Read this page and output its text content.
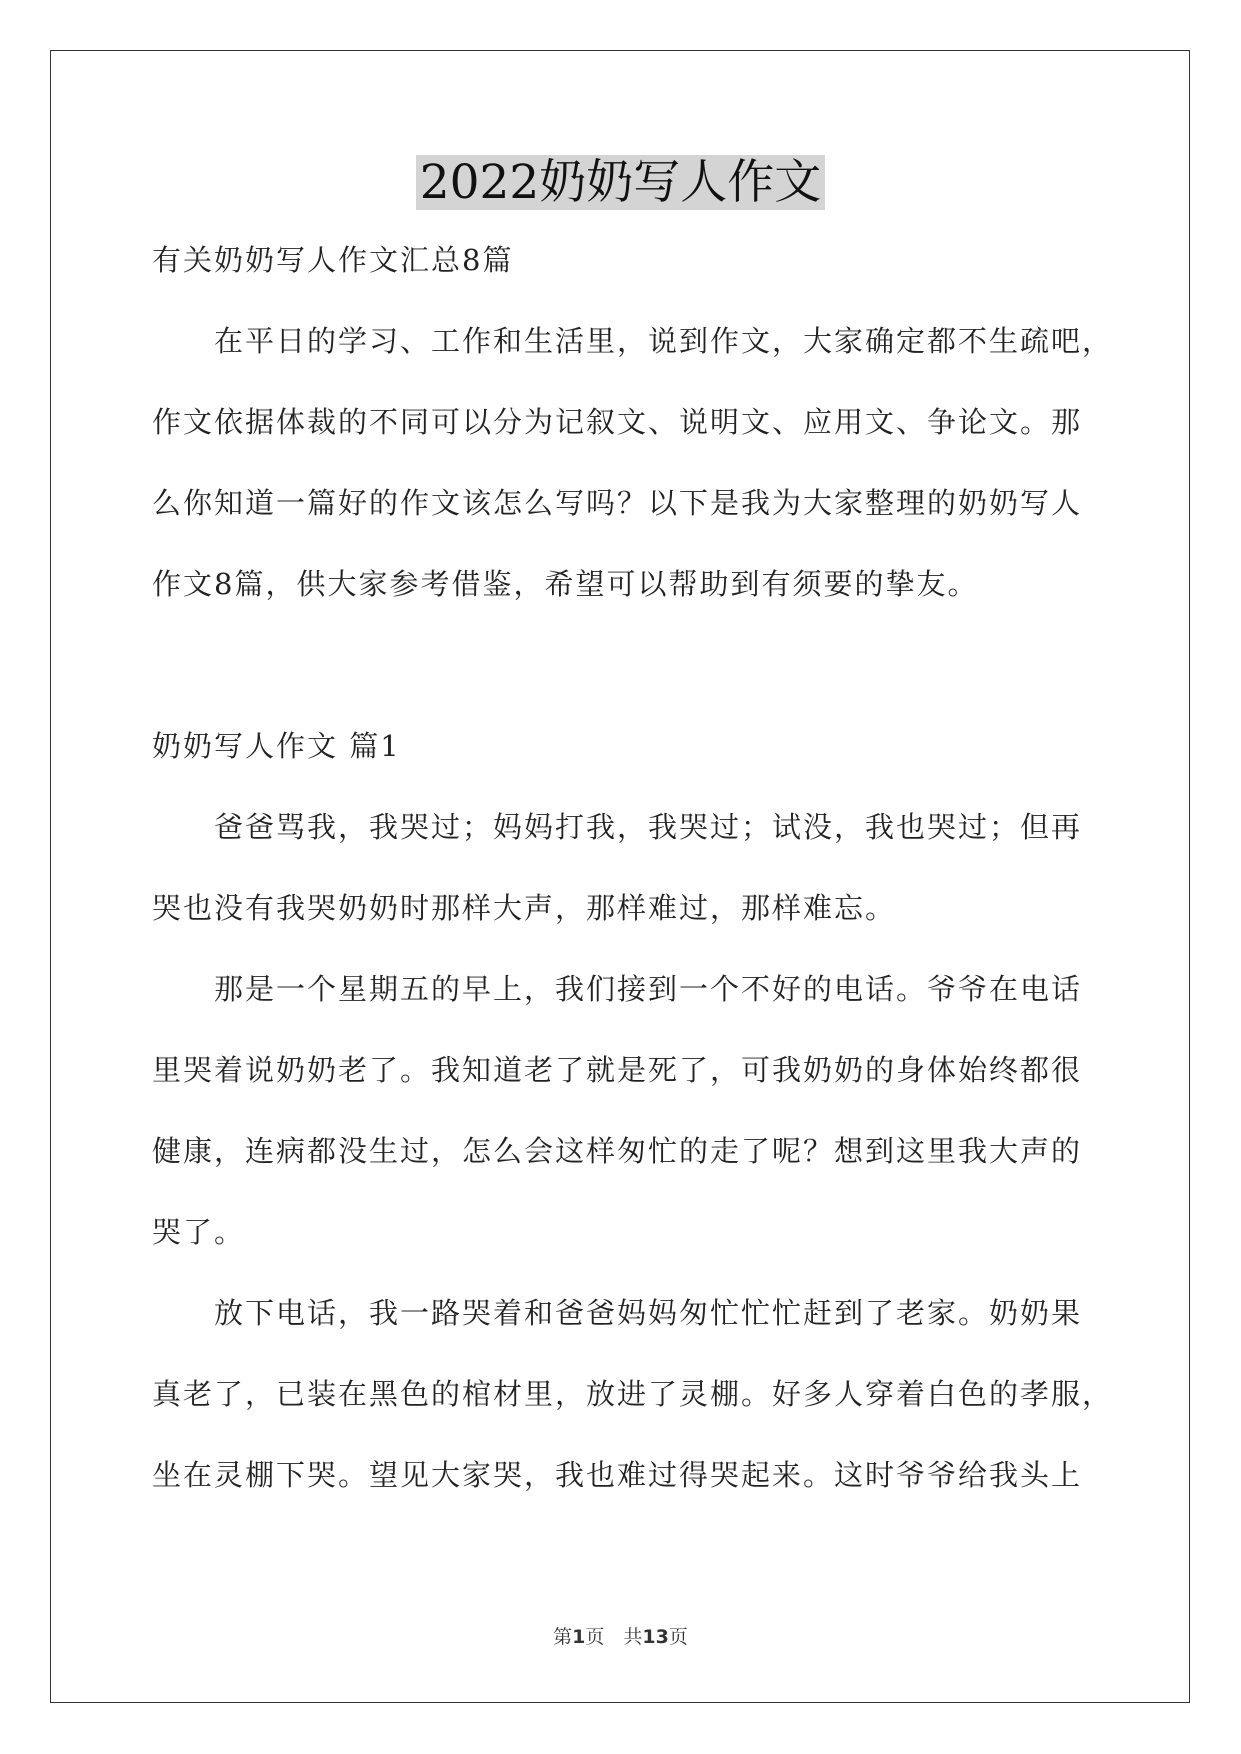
2022奶奶写人作文
有关奶奶写人作文汇总8篇
在平日的学习、工作和生活里，说到作文，大家确定都不生疏吧，
作文依据体裁的不同可以分为记叙文、说明文、应用文、争论文。那
么你知道一篇好的作文该怎么写吗？以下是我为大家整理的奶奶写人
作文8篇，供大家参考借鉴，希望可以帮助到有须要的挚友。
奶奶写人作文 篇1
爸爸骂我，我哭过；妈妈打我，我哭过；试没，我也哭过；但再
哭也没有我哭奶奶时那样大声，那样难过，那样难忘。
那是一个星期五的早上，我们接到一个不好的电话。爷爷在电话
里哭着说奶奶老了。我知道老了就是死了，可我奶奶的身体始终都很
健康，连病都没生过，怎么会这样匆忙的走了呢？想到这里我大声的
哭了。
放下电话，我一路哭着和爸爸妈妈匆忙忙忙赶到了老家。奶奶果
真老了，已装在黑色的棺材里，放进了灵棚。好多人穿着白色的孝服，
坐在灵棚下哭。望见大家哭，我也难过得哭起来。这时爷爷给我头上
第1页　共13页
